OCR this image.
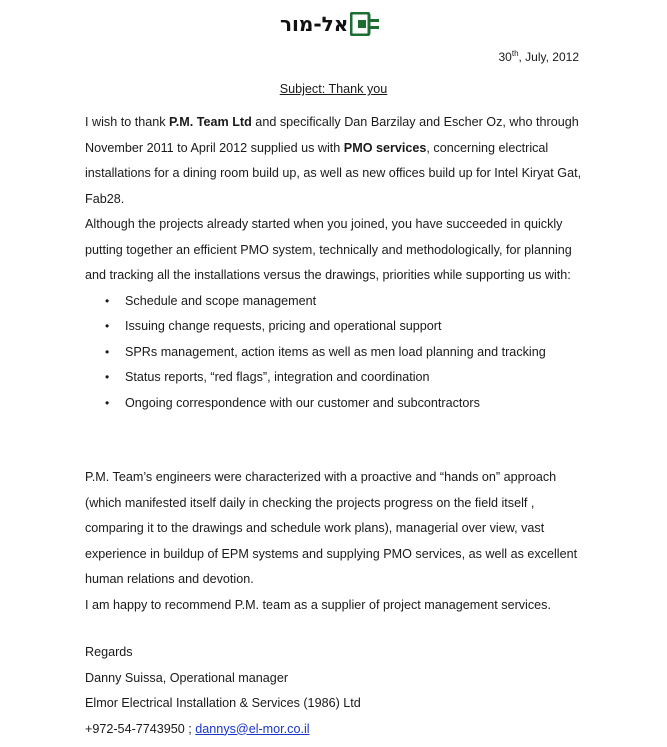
אל-מור
30th, July, 2012
Subject: Thank you

I wish to thank P.M. Team Ltd and specifically Dan Barzilay and Escher Oz, who through November 2011 to April 2012 supplied us with PMO services, concerning electrical installations for a dining room build up, as well as new offices build up for Intel Kiryat Gat, Fab28.

Although the projects already started when you joined, you have succeeded in quickly putting together an efficient PMO system, technically and methodologically, for planning and tracking all the installations versus the drawings, priorities while supporting us with:

• Schedule and scope management
• Issuing change requests, pricing and operational support
• SPRs management, action items as well as men load planning and tracking
• Status reports, “red flags”, integration and coordination
• Ongoing correspondence with our customer and subcontractors

P.M. Team’s engineers were characterized with a proactive and “hands on” approach (which manifested itself daily in checking the projects progress on the field itself , comparing it to the drawings and schedule work plans), managerial over view, vast experience in buildup of EPM systems and supplying PMO services, as well as excellent human relations and devotion.

I am happy to recommend P.M. team as a supplier of project management services.

Regards

Danny Suissa, Operational manager

Elmor Electrical Installation & Services (1986) Ltd

+972-54-7743950 ; dannys@el-mor.co.il
